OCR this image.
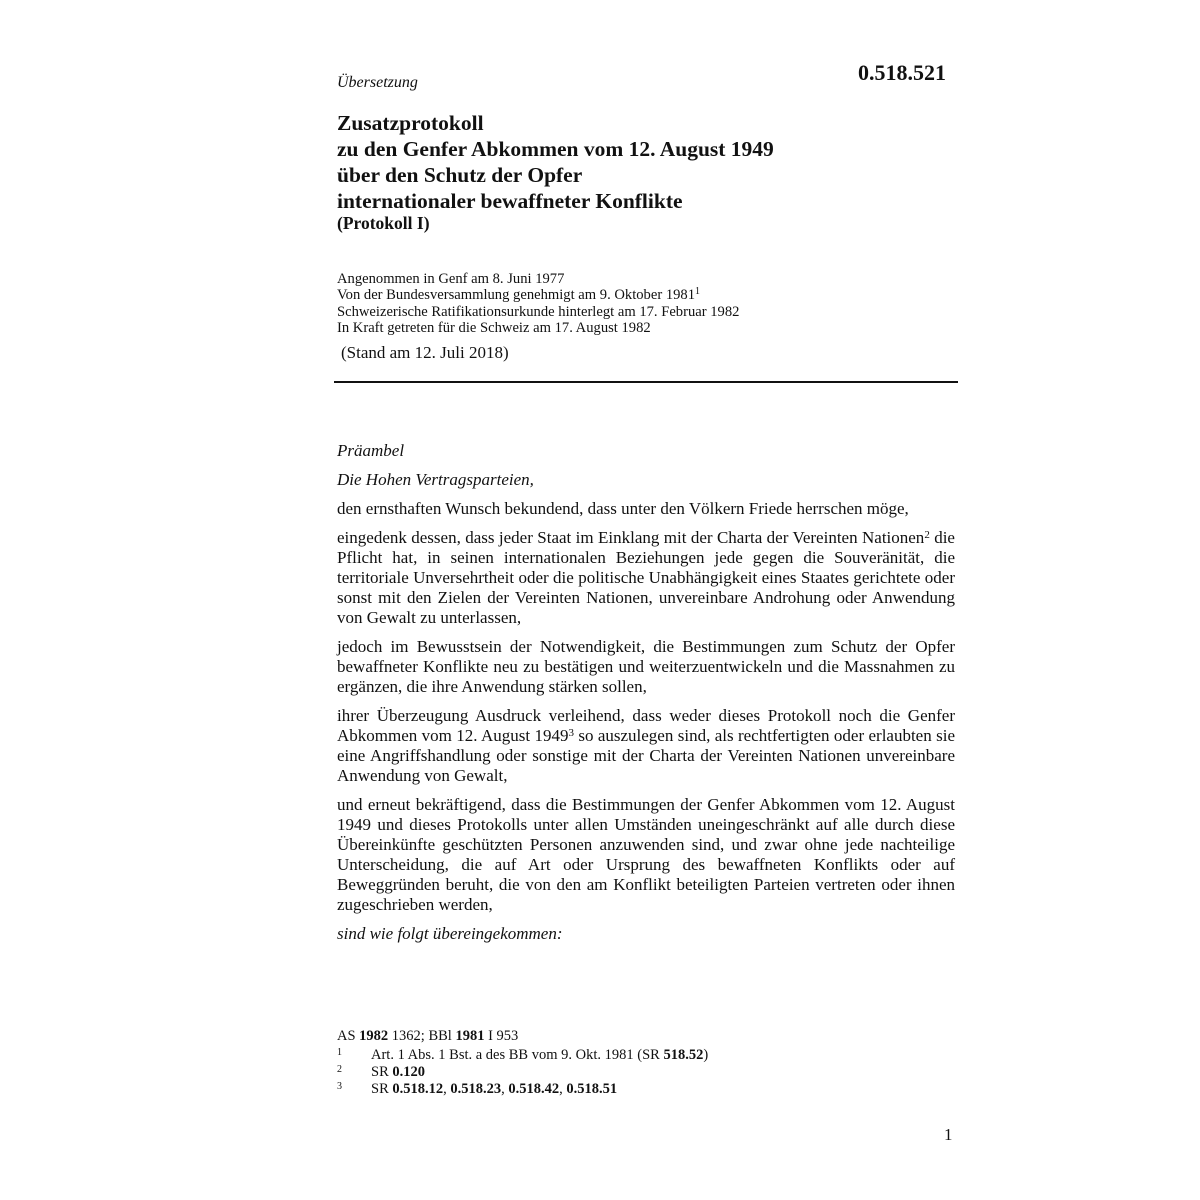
Übersetzung	0.518.521
Zusatzprotokoll
zu den Genfer Abkommen vom 12. August 1949
über den Schutz der Opfer
internationaler bewaffneter Konflikte
(Protokoll I)
Angenommen in Genf am 8. Juni 1977
Von der Bundesversammlung genehmigt am 9. Oktober 1981$^1$
Schweizerische Ratifikationsurkunde hinterlegt am 17. Februar 1982
In Kraft getreten für die Schweiz am 17. August 1982
(Stand am 12. Juli 2018)

Präambel

Die Hohen Vertragsparteien,

den ernsthaften Wunsch bekundend, dass unter den Völkern Friede herrschen möge,

eingedenk dessen, dass jeder Staat im Einklang mit der Charta der Vereinten Nationen$^2$ die Pflicht hat, in seinen internationalen Beziehungen jede gegen die Souveränität, die territoriale Unversehrtheit oder die politische Unabhängigkeit eines Staates gerichtete oder sonst mit den Zielen der Vereinten Nationen, unvereinbare Androhung oder Anwendung von Gewalt zu unterlassen,

jedoch im Bewusstsein der Notwendigkeit, die Bestimmungen zum Schutz der Opfer bewaffneter Konflikte neu zu bestätigen und weiterzuentwickeln und die Massnahmen zu ergänzen, die ihre Anwendung stärken sollen,

ihrer Überzeugung Ausdruck verleihend, dass weder dieses Protokoll noch die Genfer Abkommen vom 12. August 1949$^3$ so auszulegen sind, als rechtfertigten oder erlaubten sie eine Angriffshandlung oder sonstige mit der Charta der Vereinten Nationen unvereinbare Anwendung von Gewalt,

und erneut bekräftigend, dass die Bestimmungen der Genfer Abkommen vom 12. August 1949 und dieses Protokolls unter allen Umständen uneingeschränkt auf alle durch diese Übereinkünfte geschützten Personen anzuwenden sind, und zwar ohne jede nachteilige Unterscheidung, die auf Art oder Ursprung des bewaffneten Konflikts oder auf Beweggründen beruht, die von den am Konflikt beteiligten Parteien vertreten oder ihnen zugeschrieben werden,

sind wie folgt übereingekommen:

AS 1982 1362; BBl 1981 I 953
1 Art. 1 Abs. 1 Bst. a des BB vom 9. Okt. 1981 (SR 518.52)
2 SR 0.120
3 SR 0.518.12, 0.518.23, 0.518.42, 0.518.51
1
